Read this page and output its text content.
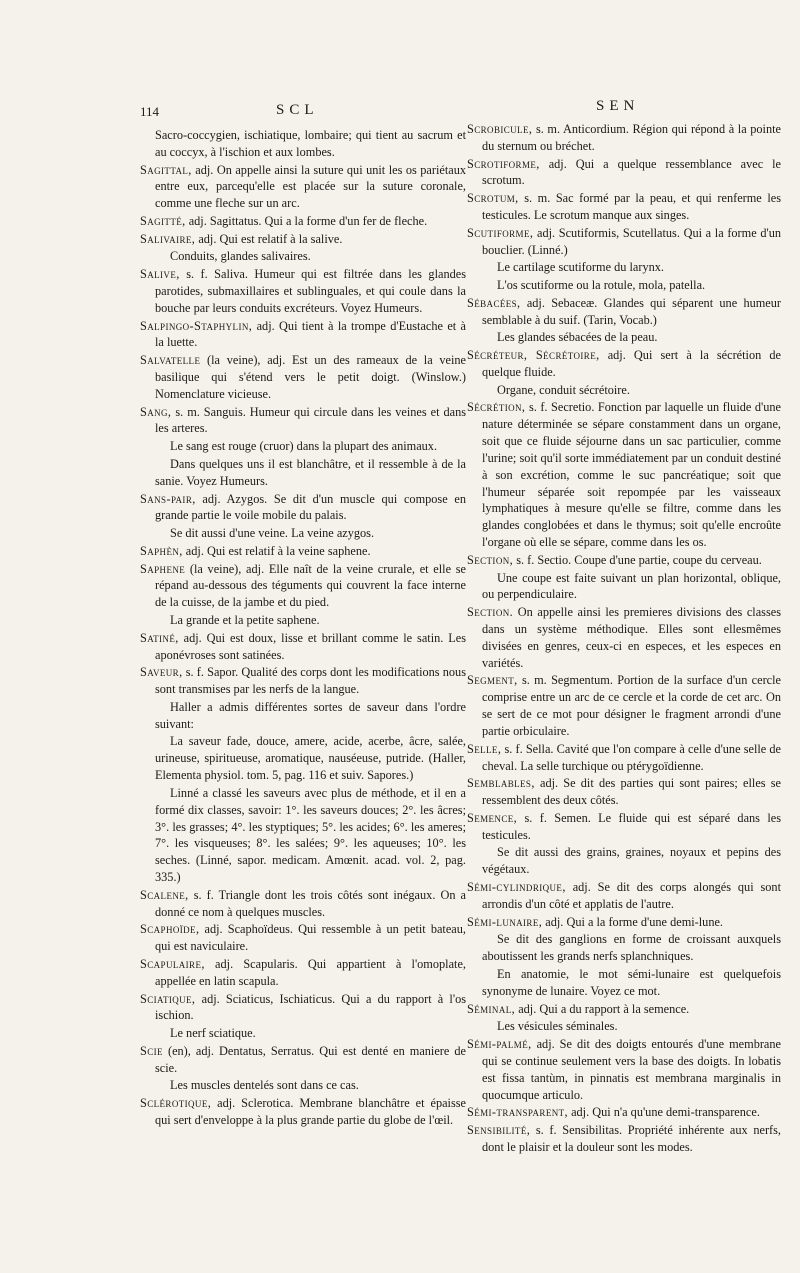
114	SCL	SEN

Sacro-coccygien, ischiatique, lombaire; qui tient au sacrum et au coccyx, à l'ischion et aux lombes.

Sagittal, adj. On appelle ainsi la suture qui unit les os pariétaux entre eux, parcequ'elle est placée sur la suture coronale, comme une fleche sur un arc.

Sagitté, adj. Sagittatus. Qui a la forme d'un fer de fleche.

Salivaire, adj. Qui est relatif à la salive.

Conduits, glandes salivaires.

Salive, s. f. Saliva. Humeur qui est filtrée dans les glandes parotides, submaxillaires et sublinguales, et qui coule dans la bouche par leurs conduits excréteurs. Voyez Humeurs.

Salpingo-Staphylin, adj. Qui tient à la trompe d'Eustache et à la luette.

Salvatelle (la veine), adj. Est un des rameaux de la veine basilique qui s'étend vers le petit doigt. (Winslow.) Nomenclature vicieuse.

Sang, s. m. Sanguis. Humeur qui circule dans les veines et dans les arteres.

Le sang est rouge (cruor) dans la plupart des animaux.

Dans quelques uns il est blanchâtre, et il ressemble à de la sanie. Voyez Humeurs.

Sans-pair, adj. Azygos. Se dit d'un muscle qui compose en grande partie le voile mobile du palais.

Se dit aussi d'une veine. La veine azygos.

Saphèn, adj. Qui est relatif à la veine saphene.

Saphene (la veine), adj. Elle naît de la veine crurale, et elle se répand au-dessous des téguments qui couvrent la face interne de la cuisse, de la jambe et du pied.

La grande et la petite saphene.

Satiné, adj. Qui est doux, lisse et brillant comme le satin. Les aponévroses sont satinées.

Saveur, s. f. Sapor. Qualité des corps dont les modifications nous sont transmises par les nerfs de la langue.

Haller a admis différentes sortes de saveur dans l'ordre suivant:

La saveur fade, douce, amere, acide, acerbe, âcre, salée, urineuse, spiritueuse, aromatique, nauséeuse, putride. (Haller, Elementa physiol. tom. 5, pag. 116 et suiv. Sapores.)

Linné a classé les saveurs avec plus de méthode, et il en a formé dix classes, savoir: 1°. les saveurs douces; 2°. les âcres; 3°. les grasses; 4°. les styptiques; 5°. les acides; 6°. les ameres; 7°. les visqueuses; 8°. les salées; 9°. les aqueuses; 10°. les seches. (Linné, sapor. medicam. Amœnit. acad. vol. 2, pag. 335.)

Scalene, s. f. Triangle dont les trois côtés sont inégaux. On a donné ce nom à quelques muscles.

Scaphoïde, adj. Scaphoïdeus. Qui ressemble à un petit bateau, qui est naviculaire.

Scapulaire, adj. Scapularis. Qui appartient à l'omoplate, appellée en latin scapula.

Sciatique, adj. Sciaticus, Ischiaticus. Qui a du rapport à l'os ischion.

Le nerf sciatique.

Scie (en), adj. Dentatus, Serratus. Qui est denté en maniere de scie.

Les muscles dentelés sont dans ce cas.

Sclérotique, adj. Sclerotica. Membrane blanchâtre et épaisse qui sert d'enveloppe à la plus grande partie du globe de l'œil.

Scrobicule, s. m. Anticordium. Région qui répond à la pointe du sternum ou bréchet.

Scrotiforme, adj. Qui a quelque ressemblance avec le scrotum.

Scrotum, s. m. Sac formé par la peau, et qui renferme les testicules. Le scrotum manque aux singes.

Scutiforme, adj. Scutiformis, Scutellatus. Qui a la forme d'un bouclier. (Linné.)

Le cartilage scutiforme du larynx.

L'os scutiforme ou la rotule, mola, patella.

Sébacées, adj. Sebaceæ. Glandes qui séparent une humeur semblable à du suif. (Tarin, Vocab.)

Les glandes sébacées de la peau.

Sécréteur, Sécrétoire, adj. Qui sert à la sécrétion de quelque fluide.

Organe, conduit sécrétoire.

Sécrétion, s. f. Secretio. Fonction par laquelle un fluide d'une nature déterminée se sépare constamment dans un organe, soit que ce fluide séjourne dans un sac particulier, comme l'urine; soit qu'il sorte immédiatement par un conduit destiné à son excrétion, comme le suc pancréatique; soit que l'humeur séparée soit repompée par les vaisseaux lymphatiques à mesure qu'elle se filtre, comme dans les glandes conglobées et dans le thymus; soit qu'elle encroûte l'organe où elle se sépare, comme dans les os.

Section, s. f. Sectio. Coupe d'une partie, coupe du cerveau.

Une coupe est faite suivant un plan horizontal, oblique, ou perpendiculaire.

Section. On appelle ainsi les premieres divisions des classes dans un système méthodique. Elles sont ellesmêmes divisées en genres, ceux-ci en especes, et les especes en variétés.

Segment, s. m. Segmentum. Portion de la surface d'un cercle comprise entre un arc de ce cercle et la corde de cet arc. On se sert de ce mot pour désigner le fragment arrondi d'une partie orbiculaire.

Selle, s. f. Sella. Cavité que l'on compare à celle d'une selle de cheval. La selle turchique ou ptérygoïdienne.

Semblables, adj. Se dit des parties qui sont paires; elles se ressemblent des deux côtés.

Semence, s. f. Semen. Le fluide qui est séparé dans les testicules.

Se dit aussi des grains, graines, noyaux et pepins des végétaux.

Sémi-cylindrique, adj. Se dit des corps alongés qui sont arrondis d'un côté et applatis de l'autre.

Sémi-lunaire, adj. Qui a la forme d'une demi-lune.

Se dit des ganglions en forme de croissant auxquels aboutissent les grands nerfs splanchniques.

En anatomie, le mot sémi-lunaire est quelquefois synonyme de lunaire. Voyez ce mot.

Séminal, adj. Qui a du rapport à la semence.

Les vésicules séminales.

Sémi-palmé, adj. Se dit des doigts entourés d'une membrane qui se continue seulement vers la base des doigts. In lobatis est fissa tantùm, in pinnatis est membrana marginalis in quocumque articulo.

Sémi-transparent, adj. Qui n'a qu'une demi-transparence.

Sensibilité, s. f. Sensibilitas. Propriété inhérente aux nerfs, dont le plaisir et la douleur sont les modes.
